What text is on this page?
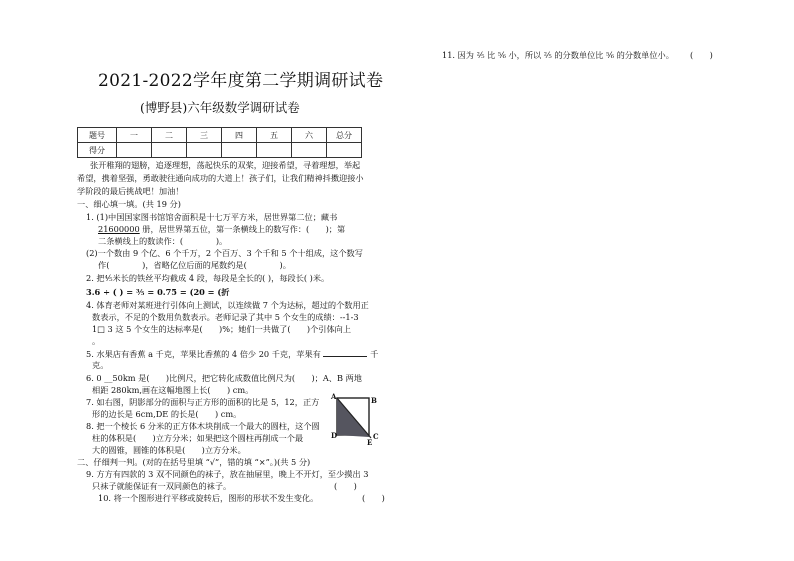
11. 因为 ²⁄₅ 比 ⁵⁄₆ 小，所以 ²⁄₅ 的分数单位比 ⁵⁄₆ 的分数单位小。 (　　)
2021-2022学年度第二学期调研试卷
(博野县)六年级数学调研试卷
题号	一	二	三	四	五	六	总分
得分							
张开稚翔的翅膀，追逐理想，荡起快乐的双桨，迎接希望，寻着理想，举起
希望，携着坚强，勇敢驶往通向成功的大道上！孩子们，让我们精神抖擞迎接小
学阶段的最后挑战吧！加油！
一、细心填一填。(共 19 分)
1. (1)中国国家图书馆馆舍面积是十七万平方米，居世界第二位；藏书
21600000 册，居世界第五位，第一条横线上的数写作：(　　)；第
二条横线上的数读作：(　　　　)。
(2)一个数由 9 个亿、6 个千万，2 个百万、3 个千和 5 个十组成，这个数写
作(　　　　)，省略亿位后面的尾数约是(　　　　)。
2. 把⁴⁄₅米长的铁丝平均截成 4 段，每段是全长的( )，每段长( )米。
3.6 ÷ ( ) = ³⁄₅ = 0.75 = (20 = (折
4. 体育老师对某班进行引体向上测试，以连续做 7 个为达标，超过的个数用正
数表示，不足的个数用负数表示。老师记录了其中 5 个女生的成绩：--1-3
1□ 3 这 5 个女生的达标率是(　　)%；她们一共做了(　　)个引体向上
。
5. 水果店有香蕉 a 千克，苹果比香蕉的 4 倍少 20 千克，苹果有	千
克。
6. 0 __50km 是(　　)比例尺，把它转化成数值比例尺为(　　)；A、B 两地
相距 280km,画在这幅地图上长(　　) cm。
7. 如右图，阴影部分的面积与正方形的面积的比是 5，12，正方
形的边长是 6cm,DE 的长是(　　) cm。
8. 把一个棱长 6 分米的正方体木块削成一个最大的圆柱，这个圆
柱的体积是(　　)立方分米；如果把这个圆柱再削成一个最
大的圆锥，圆锥的体积是(　　)立方分米。
A	B
C
D
E
二、仔细判一判。(对的在括号里填 “√”，错的填 “×”。)(共 5 分)
9. 方方有四款的 3 双不同颜色的袜子，放在抽屉里，晚上不开灯，至少摸出 3
只袜子就能保证有一双同颜色的袜子。	(　　)
10. 将一个图形进行平移或旋转后，图形的形状不发生变化。	(　　)
